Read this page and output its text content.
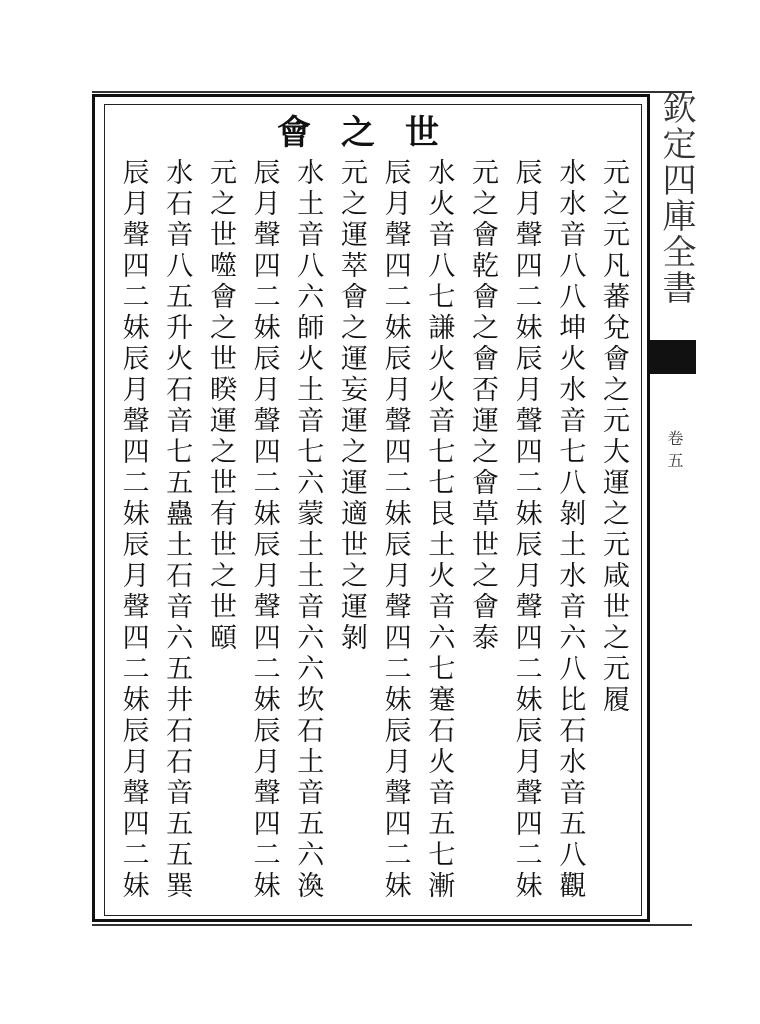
會之世
元之元凡蕃兌會之元大運之元咸世之元履
水水音八八坤火水音七八剝土水音六八比石水音五八觀
辰月聲四二妹辰月聲四二妹辰月聲四二妹辰月聲四二妹
元之會乾會之會否運之會草世之會泰
水火音八七謙火火音七七艮土火音六七蹇石火音五七漸
辰月聲四二妹辰月聲四二妹辰月聲四二妹辰月聲四二妹
元之運萃會之運妄運之運適世之運剝
水土音八六師火土音七六蒙土土音六六坎石土音五六渙
辰月聲四二妹辰月聲四二妹辰月聲四二妹辰月聲四二妹
元之世噬會之世睽運之世有世之世頤
水石音八五升火石音七五蠱土石音六五井石石音五五巽
辰月聲四二妹辰月聲四二妹辰月聲四二妹辰月聲四二妹	欽定四庫全書
卷五
